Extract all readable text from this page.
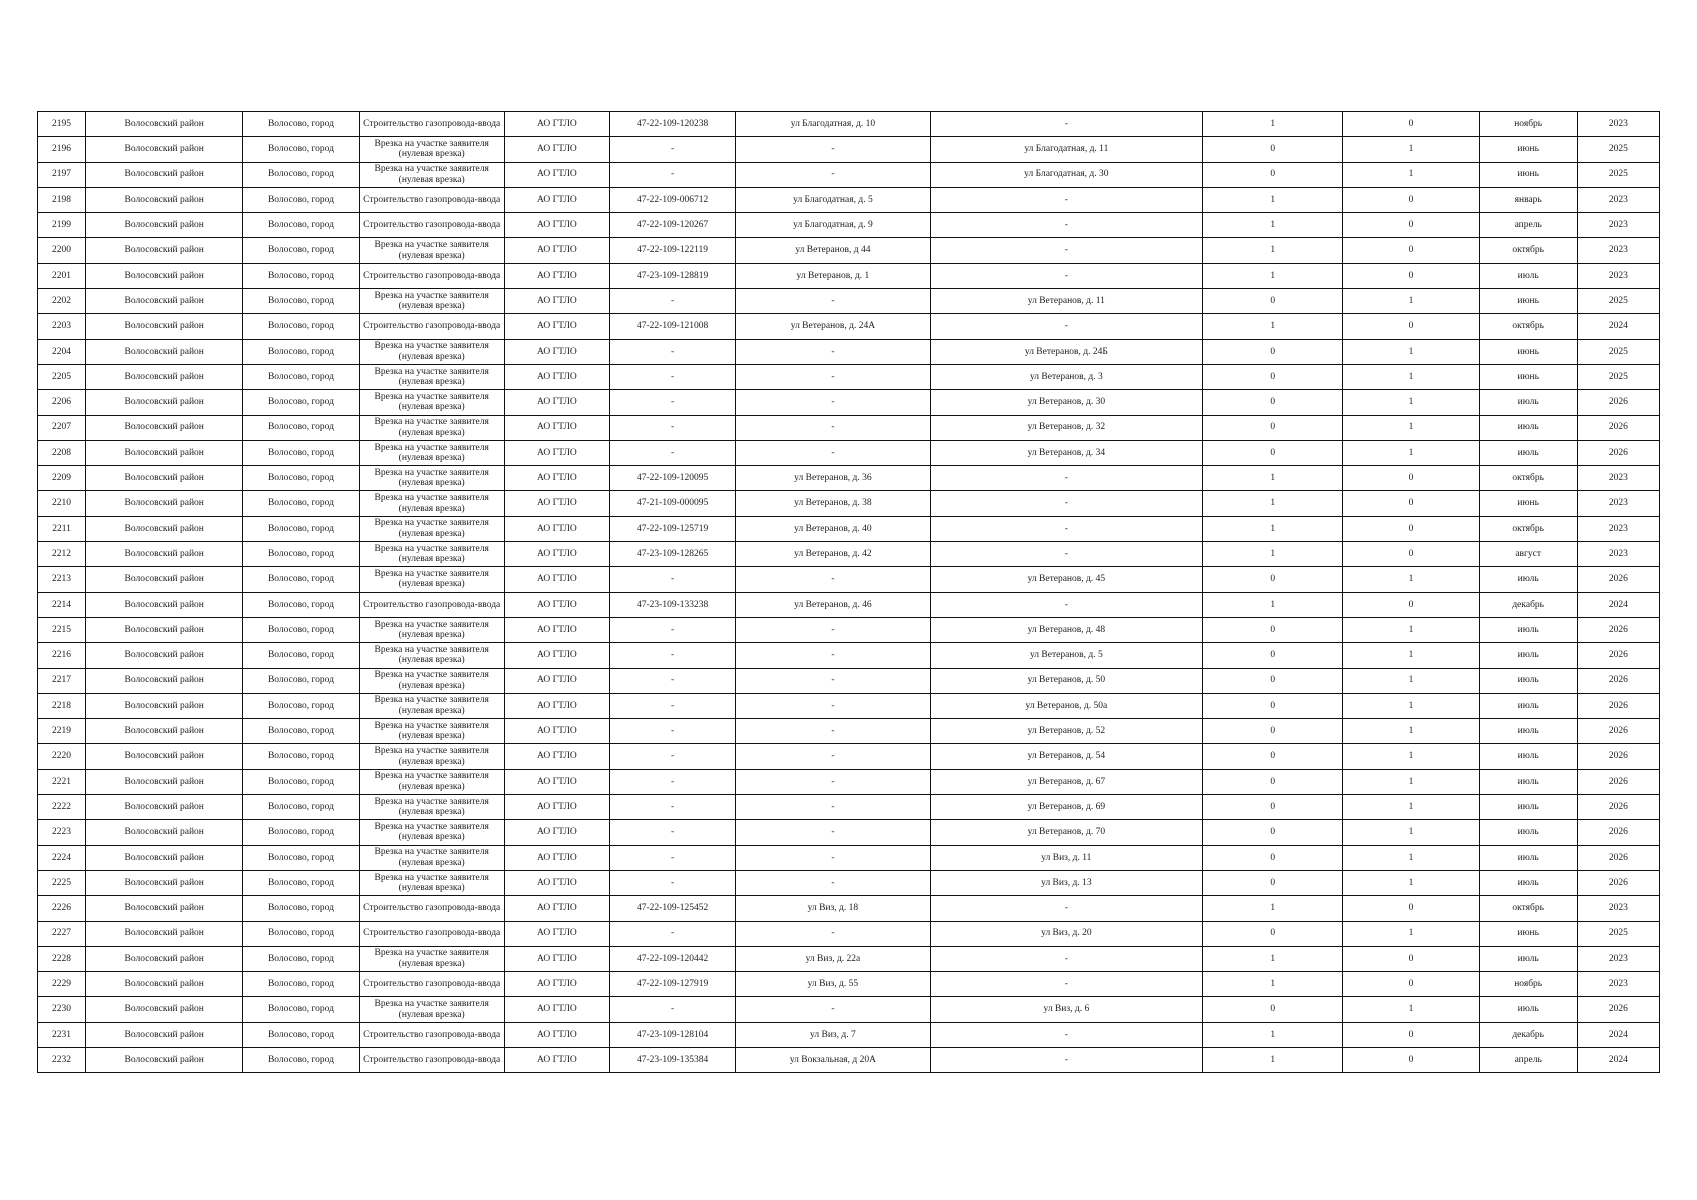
2195	Волосовский район	Волосово, город	Строительство газопровода-ввода	АО ГТЛО	47-22-109-120238	ул Благодатная, д. 10	-	1	0	ноябрь	2023
2196	Волосовский район	Волосово, город	Врезка на участке заявителя (нулевая врезка)	АО ГТЛО	-	-	ул Благодатная, д. 11	0	1	июнь	2025
2197	Волосовский район	Волосово, город	Врезка на участке заявителя (нулевая врезка)	АО ГТЛО	-	-	ул Благодатная, д. 30	0	1	июнь	2025
2198	Волосовский район	Волосово, город	Строительство газопровода-ввода	АО ГТЛО	47-22-109-006712	ул Благодатная, д. 5	-	1	0	январь	2023
2199	Волосовский район	Волосово, город	Строительство газопровода-ввода	АО ГТЛО	47-22-109-120267	ул Благодатная, д. 9	-	1	0	апрель	2023
2200	Волосовский район	Волосово, город	Врезка на участке заявителя (нулевая врезка)	АО ГТЛО	47-22-109-122119	ул Ветеранов, д 44	-	1	0	октябрь	2023
2201	Волосовский район	Волосово, город	Строительство газопровода-ввода	АО ГТЛО	47-23-109-128819	ул Ветеранов, д. 1	-	1	0	июль	2023
2202	Волосовский район	Волосово, город	Врезка на участке заявителя (нулевая врезка)	АО ГТЛО	-	-	ул Ветеранов, д. 11	0	1	июнь	2025
2203	Волосовский район	Волосово, город	Строительство газопровода-ввода	АО ГТЛО	47-22-109-121008	ул Ветеранов, д. 24А	-	1	0	октябрь	2024
2204	Волосовский район	Волосово, город	Врезка на участке заявителя (нулевая врезка)	АО ГТЛО	-	-	ул Ветеранов, д. 24Б	0	1	июнь	2025
2205	Волосовский район	Волосово, город	Врезка на участке заявителя (нулевая врезка)	АО ГТЛО	-	-	ул Ветеранов, д. 3	0	1	июнь	2025
2206	Волосовский район	Волосово, город	Врезка на участке заявителя (нулевая врезка)	АО ГТЛО	-	-	ул Ветеранов, д. 30	0	1	июль	2026
2207	Волосовский район	Волосово, город	Врезка на участке заявителя (нулевая врезка)	АО ГТЛО	-	-	ул Ветеранов, д. 32	0	1	июль	2026
2208	Волосовский район	Волосово, город	Врезка на участке заявителя (нулевая врезка)	АО ГТЛО	-	-	ул Ветеранов, д. 34	0	1	июль	2026
2209	Волосовский район	Волосово, город	Врезка на участке заявителя (нулевая врезка)	АО ГТЛО	47-22-109-120095	ул Ветеранов, д. 36	-	1	0	октябрь	2023
2210	Волосовский район	Волосово, город	Врезка на участке заявителя (нулевая врезка)	АО ГТЛО	47-21-109-000095	ул Ветеранов, д. 38	-	1	0	июнь	2023
2211	Волосовский район	Волосово, город	Врезка на участке заявителя (нулевая врезка)	АО ГТЛО	47-22-109-125719	ул Ветеранов, д. 40	-	1	0	октябрь	2023
2212	Волосовский район	Волосово, город	Врезка на участке заявителя (нулевая врезка)	АО ГТЛО	47-23-109-128265	ул Ветеранов, д. 42	-	1	0	август	2023
2213	Волосовский район	Волосово, город	Врезка на участке заявителя (нулевая врезка)	АО ГТЛО	-	-	ул Ветеранов, д. 45	0	1	июль	2026
2214	Волосовский район	Волосово, город	Строительство газопровода-ввода	АО ГТЛО	47-23-109-133238	ул Ветеранов, д. 46	-	1	0	декабрь	2024
2215	Волосовский район	Волосово, город	Врезка на участке заявителя (нулевая врезка)	АО ГТЛО	-	-	ул Ветеранов, д. 48	0	1	июль	2026
2216	Волосовский район	Волосово, город	Врезка на участке заявителя (нулевая врезка)	АО ГТЛО	-	-	ул Ветеранов, д. 5	0	1	июль	2026
2217	Волосовский район	Волосово, город	Врезка на участке заявителя (нулевая врезка)	АО ГТЛО	-	-	ул Ветеранов, д. 50	0	1	июль	2026
2218	Волосовский район	Волосово, город	Врезка на участке заявителя (нулевая врезка)	АО ГТЛО	-	-	ул Ветеранов, д. 50а	0	1	июль	2026
2219	Волосовский район	Волосово, город	Врезка на участке заявителя (нулевая врезка)	АО ГТЛО	-	-	ул Ветеранов, д. 52	0	1	июль	2026
2220	Волосовский район	Волосово, город	Врезка на участке заявителя (нулевая врезка)	АО ГТЛО	-	-	ул Ветеранов, д. 54	0	1	июль	2026
2221	Волосовский район	Волосово, город	Врезка на участке заявителя (нулевая врезка)	АО ГТЛО	-	-	ул Ветеранов, д. 67	0	1	июль	2026
2222	Волосовский район	Волосово, город	Врезка на участке заявителя (нулевая врезка)	АО ГТЛО	-	-	ул Ветеранов, д. 69	0	1	июль	2026
2223	Волосовский район	Волосово, город	Врезка на участке заявителя (нулевая врезка)	АО ГТЛО	-	-	ул Ветеранов, д. 70	0	1	июль	2026
2224	Волосовский район	Волосово, город	Врезка на участке заявителя (нулевая врезка)	АО ГТЛО	-	-	ул Виз, д. 11	0	1	июль	2026
2225	Волосовский район	Волосово, город	Врезка на участке заявителя (нулевая врезка)	АО ГТЛО	-	-	ул Виз, д. 13	0	1	июль	2026
2226	Волосовский район	Волосово, город	Строительство газопровода-ввода	АО ГТЛО	47-22-109-125452	ул Виз, д. 18	-	1	0	октябрь	2023
2227	Волосовский район	Волосово, город	Строительство газопровода-ввода	АО ГТЛО	-	-	ул Виз, д. 20	0	1	июнь	2025
2228	Волосовский район	Волосово, город	Врезка на участке заявителя (нулевая врезка)	АО ГТЛО	47-22-109-120442	ул Виз, д. 22а	-	1	0	июль	2023
2229	Волосовский район	Волосово, город	Строительство газопровода-ввода	АО ГТЛО	47-22-109-127919	ул Виз, д. 55	-	1	0	ноябрь	2023
2230	Волосовский район	Волосово, город	Врезка на участке заявителя (нулевая врезка)	АО ГТЛО	-	-	ул Виз, д. 6	0	1	июль	2026
2231	Волосовский район	Волосово, город	Строительство газопровода-ввода	АО ГТЛО	47-23-109-128104	ул Виз, д. 7	-	1	0	декабрь	2024
2232	Волосовский район	Волосово, город	Строительство газопровода-ввода	АО ГТЛО	47-23-109-135384	ул Вокзальная, д 20А	-	1	0	апрель	2024
